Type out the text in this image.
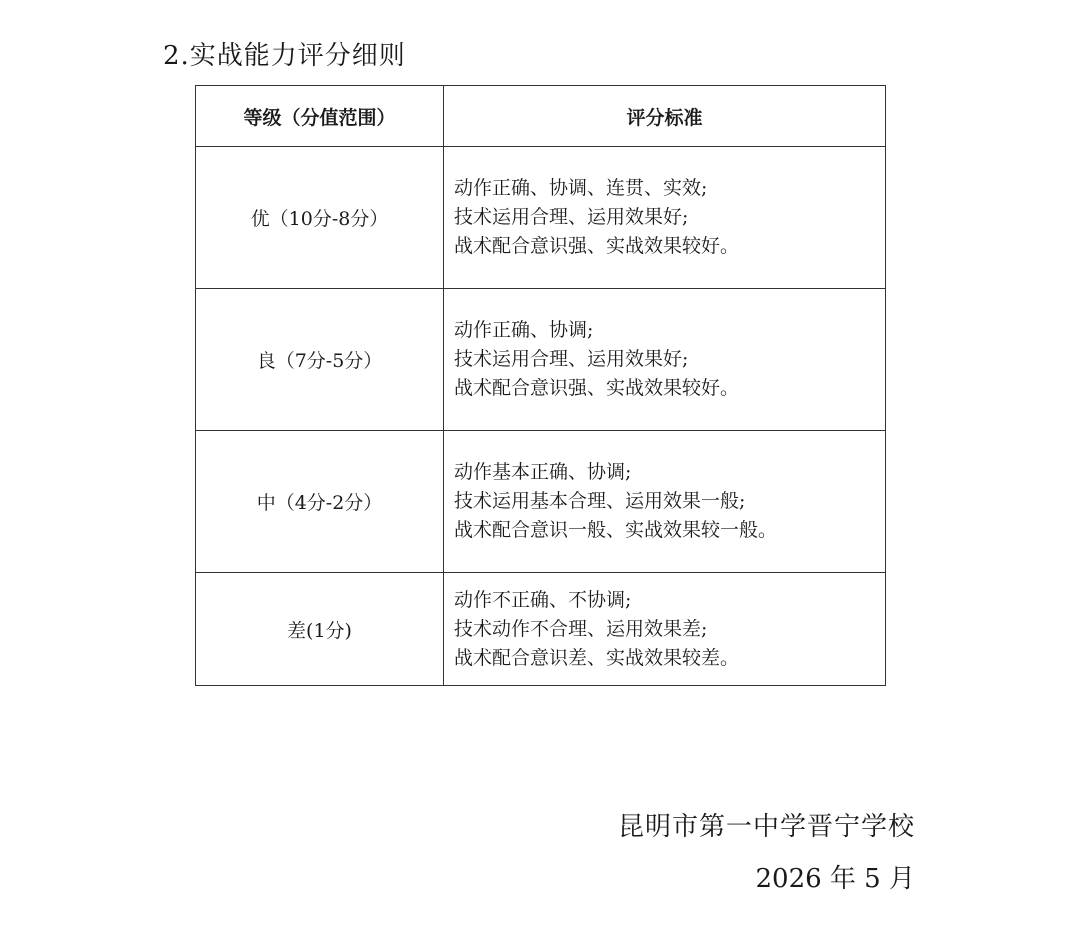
2.实战能力评分细则
等级（分值范围）	评分标准
优（10分-8分）	动作正确、协调、连贯、实效;
技术运用合理、运用效果好;
战术配合意识强、实战效果较好。

良（7分-5分）	动作正确、协调;
技术运用合理、运用效果好;
战术配合意识强、实战效果较好。

中（4分-2分）	动作基本正确、协调;
技术运用基本合理、运用效果一般;
战术配合意识一般、实战效果较一般。

差(1分)	动作不正确、不协调;
技术动作不合理、运用效果差;
战术配合意识差、实战效果较差。
昆明市第一中学晋宁学校
2026 年 5 月
